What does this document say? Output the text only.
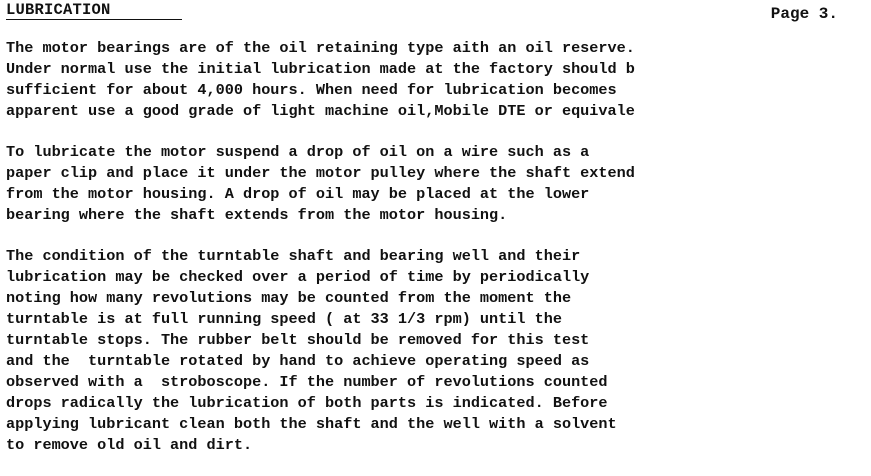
LUBRICATION	Page 3.
The motor bearings are of the oil retaining type aith an oil reserve.
Under normal use the initial lubrication made at the factory should b
sufficient for about 4,000 hours. When need for lubrication becomes
apparent use a good grade of light machine oil,Mobile DTE or equivale
To lubricate the motor suspend a drop of oil on a wire such as a
paper clip and place it under the motor pulley where the shaft extend
from the motor housing. A drop of oil may be placed at the lower
bearing where the shaft extends from the motor housing.
The condition of the turntable shaft and bearing well and their
lubrication may be checked over a period of time by periodically
noting how many revolutions may be counted from the moment the
turntable is at full running speed ( at 33 1/3 rpm) until the
turntable stops. The rubber belt should be removed for this test
and the  turntable rotated by hand to achieve operating speed as
observed with a  stroboscope. If the number of revolutions counted
drops radically the lubrication of both parts is indicated. Before
applying lubricant clean both the shaft and the well with a solvent
to remove old oil and dirt.
